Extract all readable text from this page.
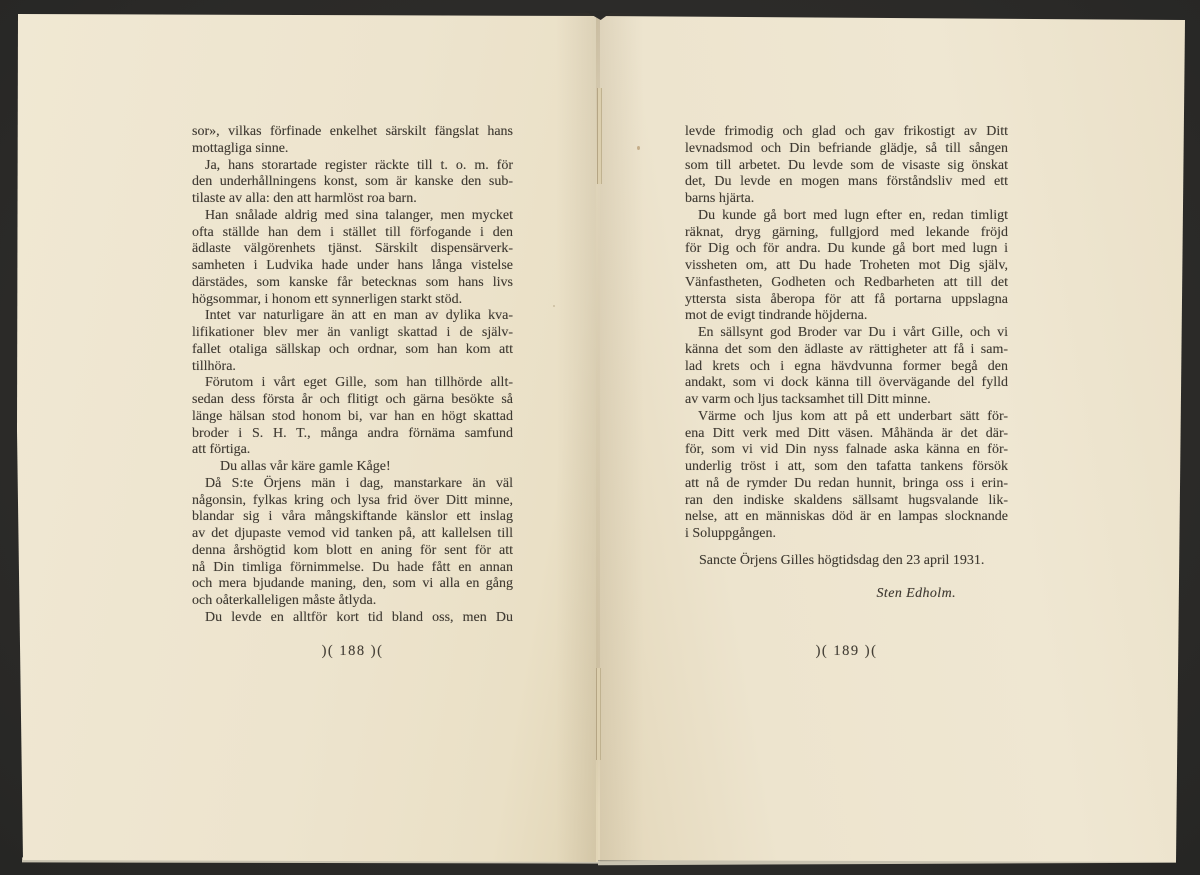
sor», vilkas förfinade enkelhet särskilt fängslat hans
mottagliga sinne.
Ja, hans storartade register räckte till t. o. m. för
den underhållningens konst, som är kanske den sub-
tilaste av alla: den att harmlöst roa barn.
Han snålade aldrig med sina talanger, men mycket
ofta ställde han dem i stället till förfogande i den
ädlaste välgörenhets tjänst. Särskilt dispensärverk-
samheten i Ludvika hade under hans långa vistelse
därstädes, som kanske får betecknas som hans livs
högsommar, i honom ett synnerligen starkt stöd.
Intet var naturligare än att en man av dylika kva-
lifikationer blev mer än vanligt skattad i de själv-
fallet otaliga sällskap och ordnar, som han kom att
tillhöra.
Förutom i vårt eget Gille, som han tillhörde allt-
sedan dess första år och flitigt och gärna besökte så
länge hälsan stod honom bi, var han en högt skattad
broder i S. H. T., många andra förnäma samfund
att förtiga.
Du allas vår käre gamle Kåge!
Då S:te Örjens män i dag, manstarkare än väl
någonsin, fylkas kring och lysa frid över Ditt minne,
blandar sig i våra mångskiftande känslor ett inslag
av det djupaste vemod vid tanken på, att kallelsen till
denna årshögtid kom blott en aning för sent för att
nå Din timliga förnimmelse. Du hade fått en annan
och mera bjudande maning, den, som vi alla en gång
och oåterkalleligen måste åtlyda.
Du levde en alltför kort tid bland oss, men Du
)( 188 )(
levde frimodig och glad och gav frikostigt av Ditt
levnadsmod och Din befriande glädje, så till sången
som till arbetet. Du levde som de visaste sig önskat
det, Du levde en mogen mans förståndsliv med ett
barns hjärta.
Du kunde gå bort med lugn efter en, redan timligt
räknat, dryg gärning, fullgjord med lekande fröjd
för Dig och för andra. Du kunde gå bort med lugn i
vissheten om, att Du hade Troheten mot Dig själv,
Vänfastheten, Godheten och Redbarheten att till det
yttersta sista åberopa för att få portarna uppslagna
mot de evigt tindrande höjderna.
En sällsynt god Broder var Du i vårt Gille, och vi
känna det som den ädlaste av rättigheter att få i sam-
lad krets och i egna hävdvunna former begå den
andakt, som vi dock känna till övervägande del fylld
av varm och ljus tacksamhet till Ditt minne.
Värme och ljus kom att på ett underbart sätt för-
ena Ditt verk med Ditt väsen. Måhända är det där-
för, som vi vid Din nyss falnade aska känna en för-
underlig tröst i att, som den tafatta tankens försök
att nå de rymder Du redan hunnit, bringa oss i erin-
ran den indiske skaldens sällsamt hugsvalande lik-
nelse, att en människas död är en lampas slocknande
i Soluppgången.
Sancte Örjens Gilles högtidsdag den 23 april 1931.
Sten Edholm.
)( 189 )(
